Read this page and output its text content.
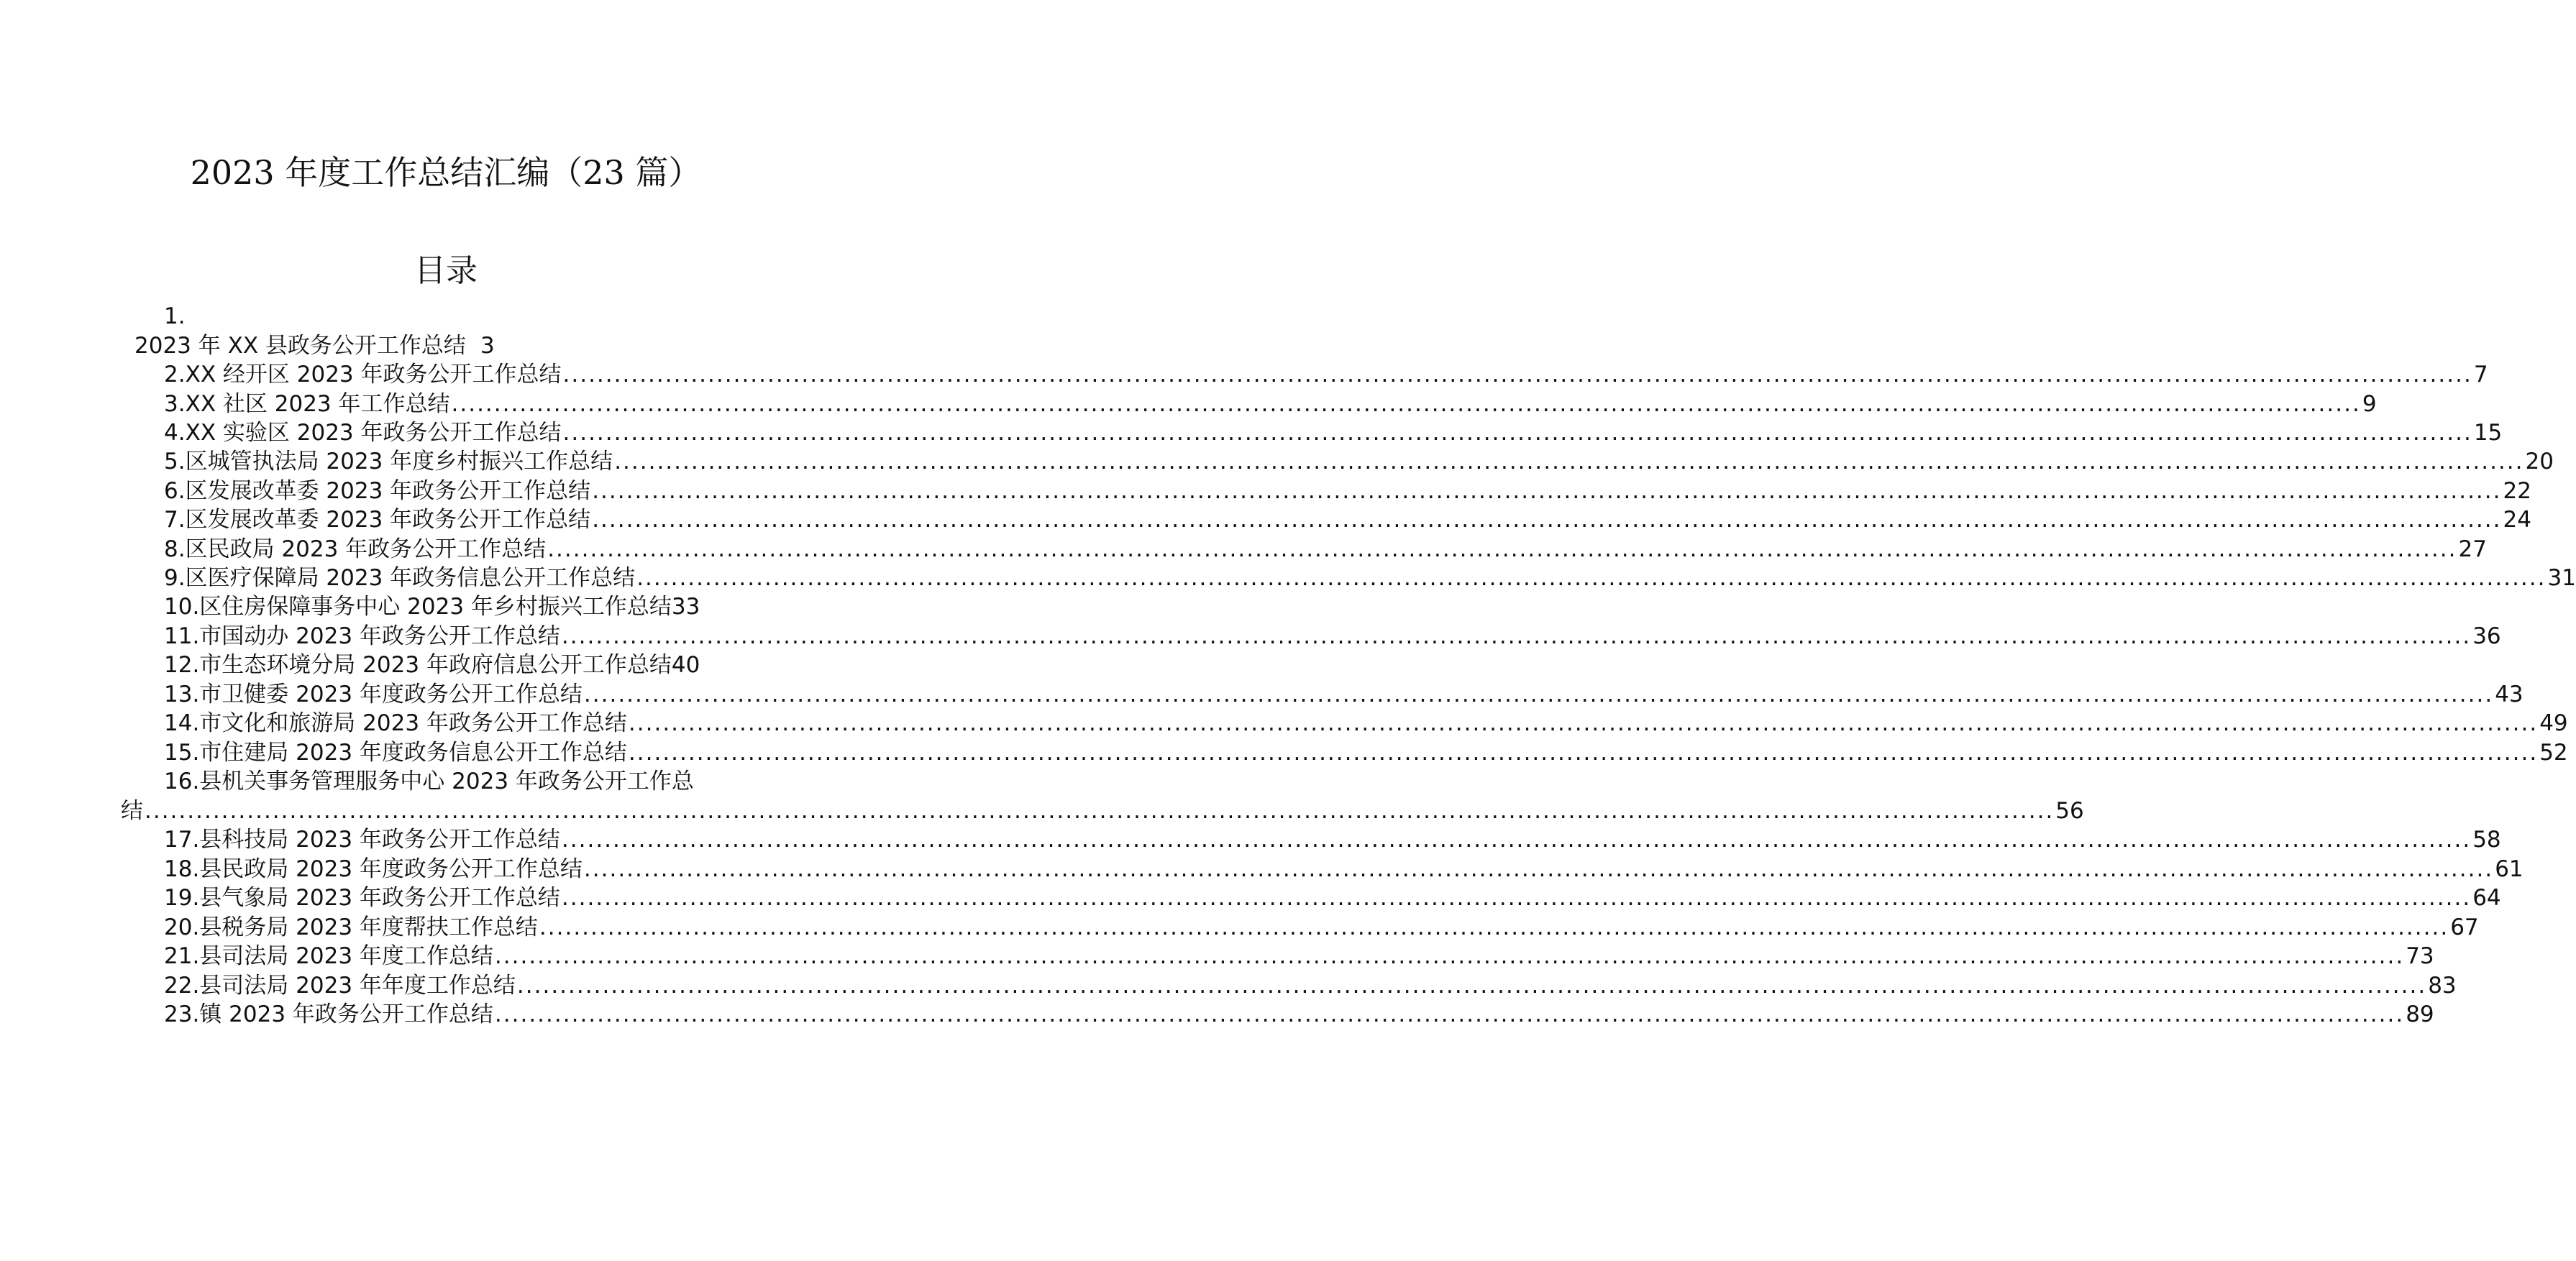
2023 年度工作总结汇编（23 篇）
目录
1.
2023 年 XX 县政务公开工作总结 3
2.XX 经开区 2023 年政务公开工作总结 .....	7
3.XX 社区 2023 年工作总结 .....	9
4.XX 实验区 2023 年政务公开工作总结 .....	15
5.区城管执法局 2023 年度乡村振兴工作总结 .....	20
6.区发展改革委 2023 年政务公开工作总结 .....	22
7.区发展改革委 2023 年政务公开工作总结 .....	24
8.区民政局 2023 年政务公开工作总结 .....	27
9.区医疗保障局 2023 年政务信息公开工作总结 .....	31
10.区住房保障事务中心 2023 年乡村振兴工作总结 33
11.市国动办 2023 年政务公开工作总结 .....	36
12.市生态环境分局 2023 年政府信息公开工作总结 40
13.市卫健委 2023 年度政务公开工作总结 .....	43
14.市文化和旅游局 2023 年政务公开工作总结 .....	49
15.市住建局 2023 年度政务信息公开工作总结 .....	52
16.县机关事务管理服务中心 2023 年政务公开工作总
结 .....	56
17.县科技局 2023 年政务公开工作总结 .....	58
18.县民政局 2023 年度政务公开工作总结 .....	61
19.县气象局 2023 年政务公开工作总结 .....	64
20.县税务局 2023 年度帮扶工作总结 .....	67
21.县司法局 2023 年度工作总结 .....	73
22.县司法局 2023 年年度工作总结 .....	83
23.镇 2023 年政务公开工作总结 .....	89
